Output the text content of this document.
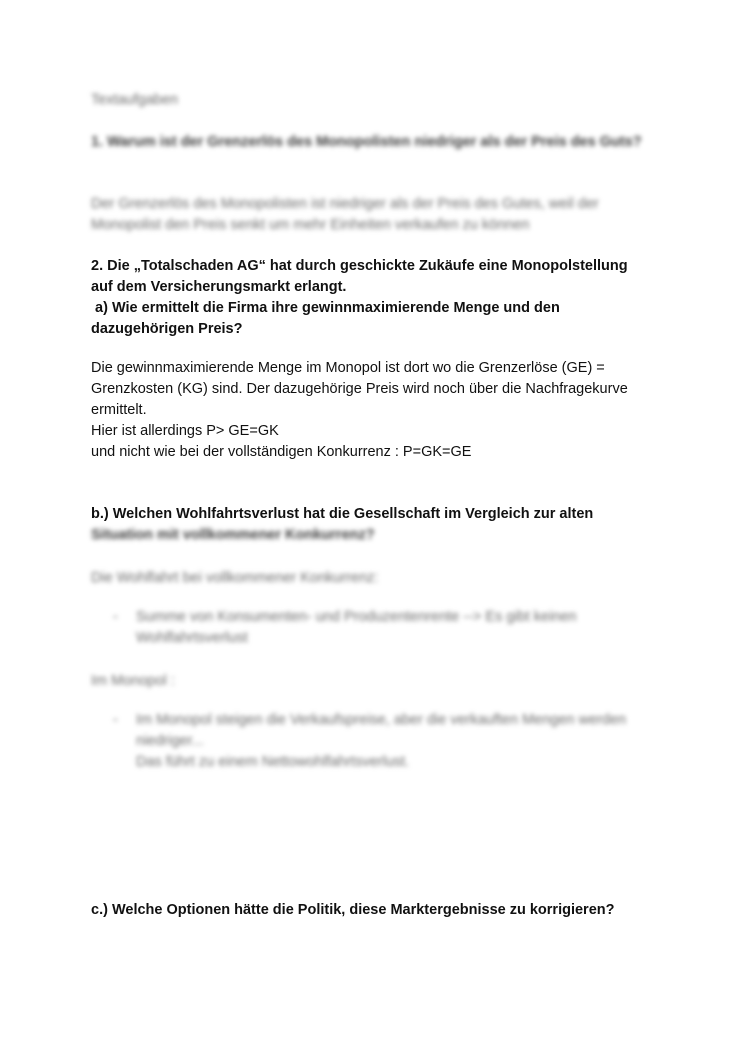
Textaufgaben

1. Warum ist der Grenzerlös des Monopolisten niedriger als der Preis des Guts?

Der Grenzerlös des Monopolisten ist niedriger als der Preis des Gutes, weil der Monopolist den Preis senkt um mehr Einheiten verkaufen zu können

2. Die „Totalschaden AG“ hat durch geschickte Zukäufe eine Monopolstellung

auf dem Versicherungsmarkt erlangt.

a) Wie ermittelt die Firma ihre gewinnmaximierende Menge und den

dazugehörigen Preis?

Die gewinnmaximierende Menge im Monopol ist dort wo die Grenzerlöse (GE) =

Grenzkosten (KG) sind. Der dazugehörige Preis wird noch über die Nachfragekurve

ermittelt.

Hier ist allerdings P> GE=GK

und nicht wie bei der vollständigen Konkurrenz : P=GK=GE

b.) Welchen Wohlfahrtsverlust hat die Gesellschaft im Vergleich zur alten

Situation mit vollkommener Konkurrenz?

Die Wohlfahrt bei vollkommener Konkurrenz:

- Summe von Konsumenten- und Produzentenrente --> Es gibt keinen
Wohlfahrtsverlust

Im Monopol :

- Im Monopol steigen die Verkaufspreise, aber die verkauften Mengen werden
niedriger...
Das führt zu einem Nettowohlfahrtsverlust.

c.) Welche Optionen hätte die Politik, diese Marktergebnisse zu korrigieren?
